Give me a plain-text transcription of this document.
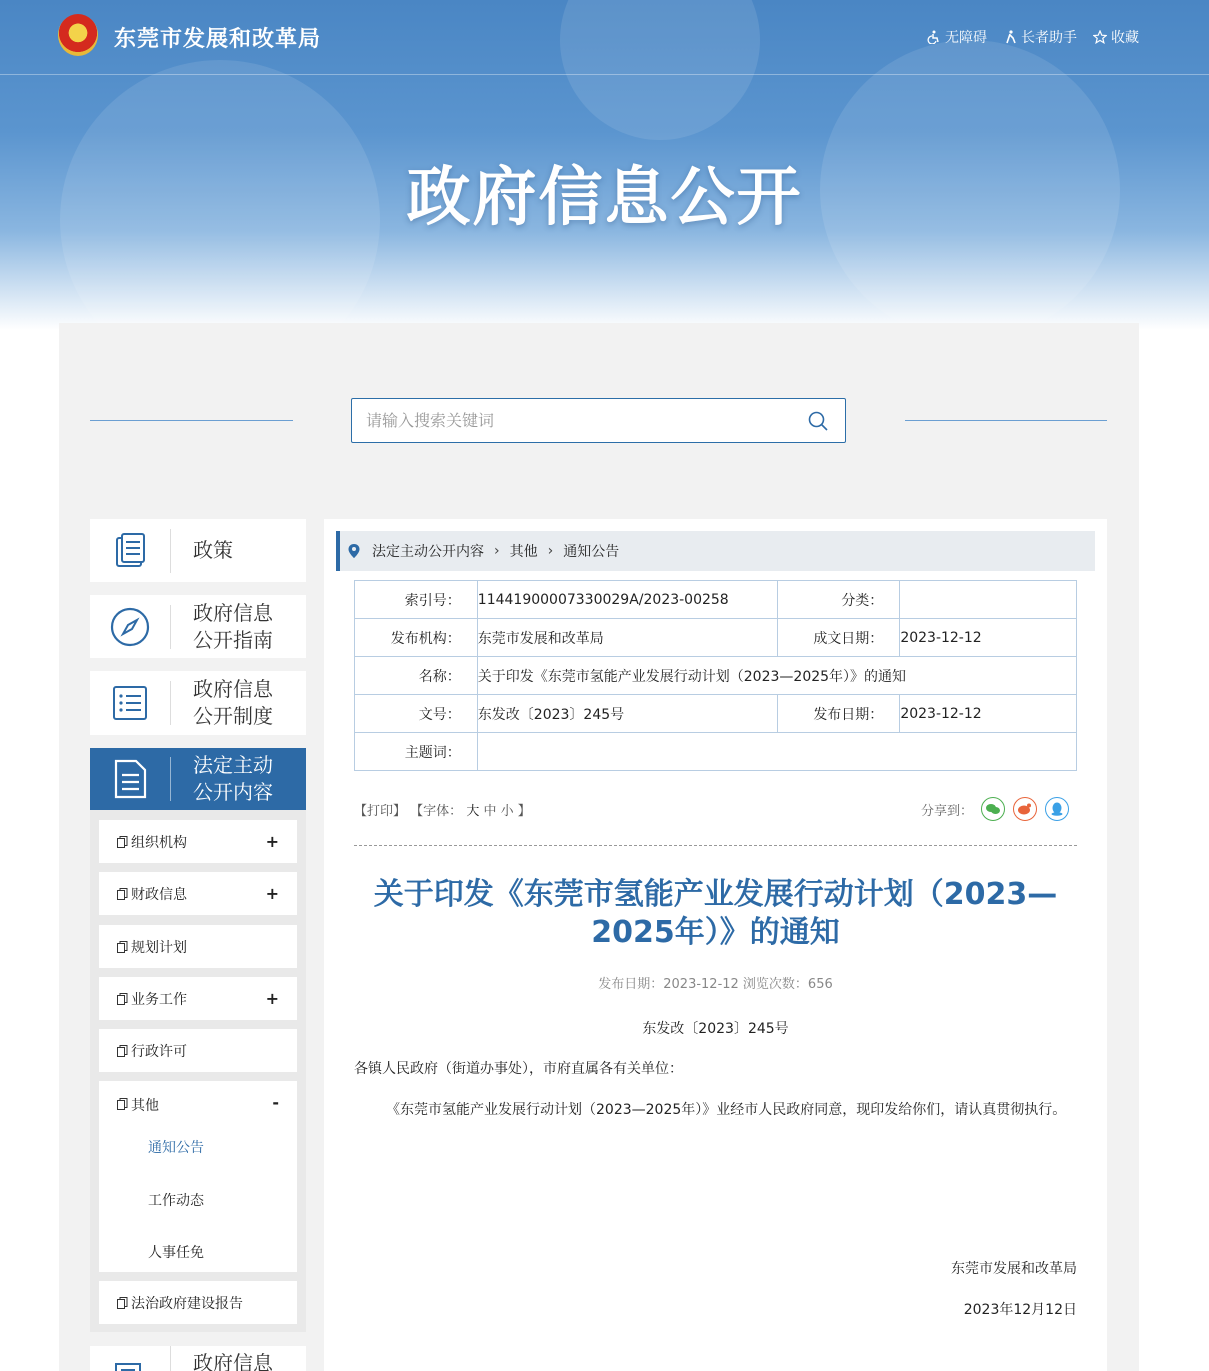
东莞市发展和改革局	无障碍 长者助手 收藏
政府信息公开
请输入搜索关键词
政策
政府信息
公开指南
政府信息
公开制度
法定主动
公开内容
组织机构	+
财政信息	+
规划计划
业务工作	+
行政许可
其他	-
通知公告
工作动态
人事任免
法治政府建设报告
政府信息
法定主动公开内容 › 其他 › 通知公告
索引号：	11441900007330029A/2023-00258	分类：	
发布机构：	东莞市发展和改革局	成文日期：	2023-12-12
名称：	关于印发《东莞市氢能产业发展行动计划（2023—2025年）》的通知		
文号：	东发改〔2023〕245号	发布日期：	2023-12-12
主题词：			
【打印】 【字体： 大 中 小 】	分享到：
关于印发《东莞市氢能产业发展行动计划（2023—2025年）》的通知
发布日期：2023-12-12 浏览次数：656
东发改〔2023〕245号
各镇人民政府（街道办事处），市府直属各有关单位：
《东莞市氢能产业发展行动计划（2023—2025年）》业经市人民政府同意，现印发给你们，请认真贯彻执行。
东莞市发展和改革局
2023年12月12日
